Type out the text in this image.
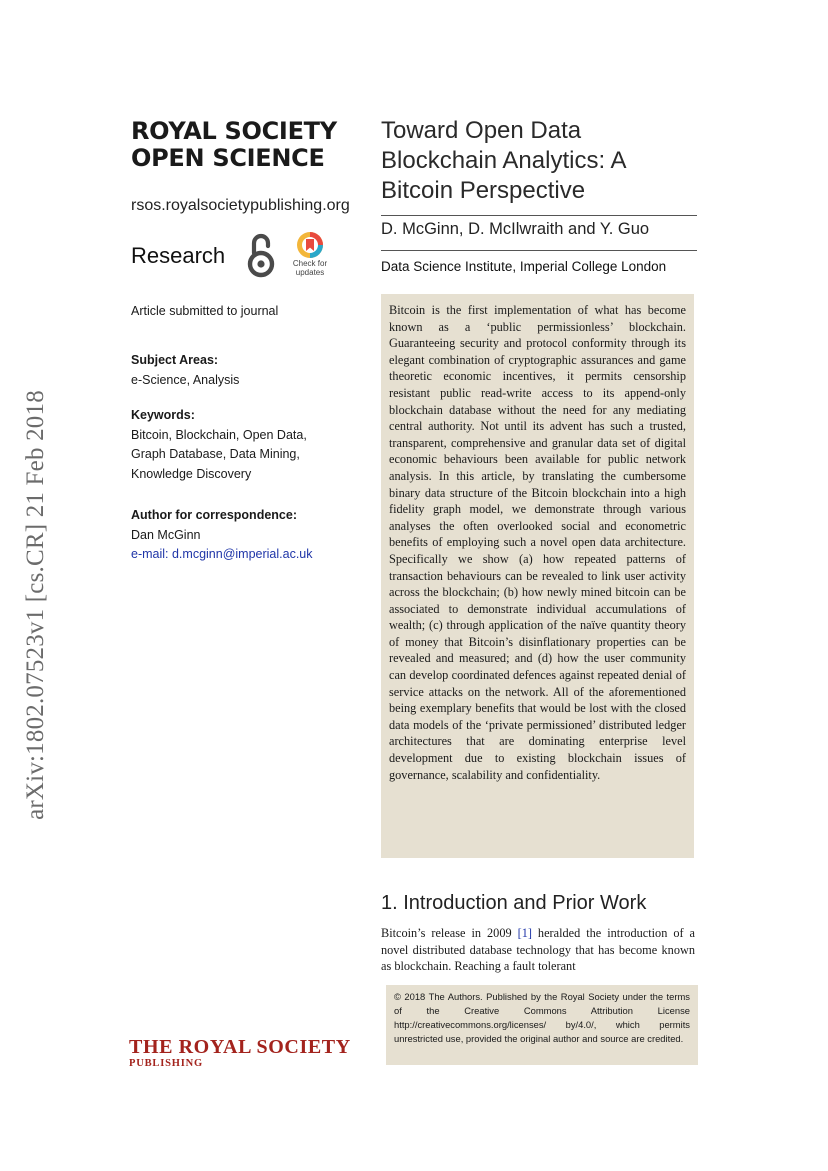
arXiv:1802.07523v1 [cs.CR] 21 Feb 2018
ROYAL SOCIETY
OPEN SCIENCE
rsos.royalsocietypublishing.org
Research	Check for
updates
Article submitted to journal
Subject Areas:
e-Science, Analysis
Keywords:
Bitcoin, Blockchain, Open Data,
Graph Database, Data Mining,
Knowledge Discovery
Author for correspondence:
Dan McGinn
e-mail: d.mcginn@imperial.ac.uk
Toward Open Data Blockchain Analytics: A Bitcoin Perspective
D. McGinn, D. McIlwraith and Y. Guo
Data Science Institute, Imperial College London
Bitcoin is the first implementation of what has become known as a ‘public permissionless’ blockchain. Guaranteeing security and protocol conformity through its elegant combination of cryptographic assurances and game theoretic economic incentives, it permits censorship resistant public read-write access to its append-only blockchain database without the need for any mediating central authority. Not until its advent has such a trusted, transparent, comprehensive and granular data set of digital economic behaviours been available for public network analysis. In this article, by translating the cumbersome binary data structure of the Bitcoin blockchain into a high fidelity graph model, we demonstrate through various analyses the often overlooked social and econometric benefits of employing such a novel open data architecture. Specifically we show (a) how repeated patterns of transaction behaviours can be revealed to link user activity across the blockchain; (b) how newly mined bitcoin can be associated to demonstrate individual accumulations of wealth; (c) through application of the naïve quantity theory of money that Bitcoin’s disinflationary properties can be revealed and measured; and (d) how the user community can develop coordinated defences against repeated denial of service attacks on the network. All of the aforementioned being exemplary benefits that would be lost with the closed data models of the ‘private permissioned’ distributed ledger architectures that are dominating enterprise level development due to existing blockchain issues of governance, scalability and confidentiality.
1. Introduction and Prior Work
Bitcoin’s release in 2009 [1] heralded the introduction of a novel distributed database technology that has become known as blockchain. Reaching a fault tolerant
© 2018 The Authors. Published by the Royal Society under the terms of the Creative Commons Attribution License http://creativecommons.org/licenses/ by/4.0/, which permits unrestricted use, provided the original author and source are credited.
THE ROYAL SOCIETY
PUBLISHING
